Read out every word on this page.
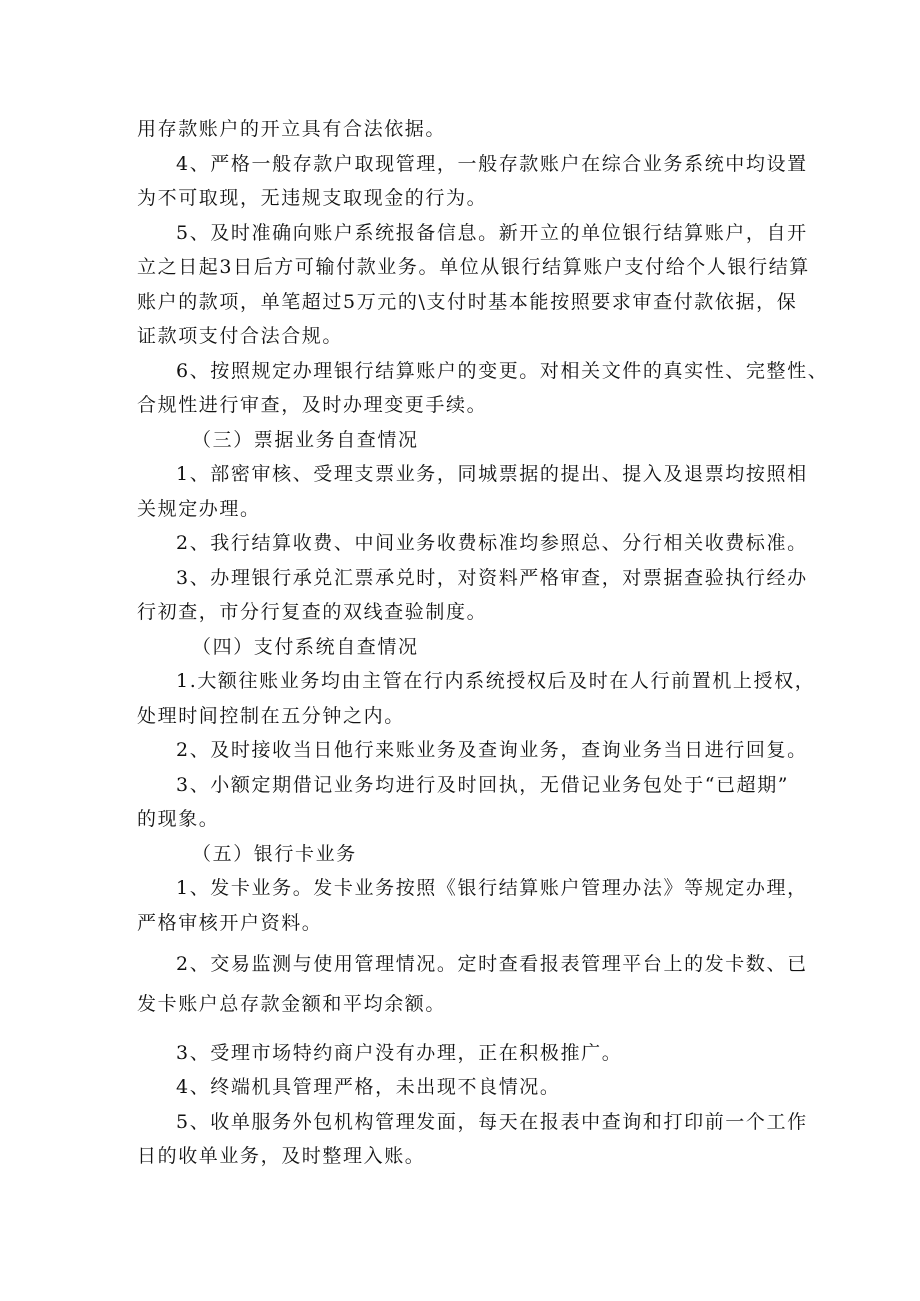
用存款账户的开立具有合法依据。
4、严格一般存款户取现管理，一般存款账户在综合业务系统中均设置
为不可取现，无违规支取现金的行为。
5、及时准确向账户系统报备信息。新开立的单位银行结算账户，自开
立之日起3日后方可输付款业务。单位从银行结算账户支付给个人银行结算
账户的款项，单笔超过5万元的\支付时基本能按照要求审查付款依据，保
证款项支付合法合规。
6、按照规定办理银行结算账户的变更。对相关文件的真实性、完整性、
合规性进行审查，及时办理变更手续。
（三）票据业务自查情况
1、部密审核、受理支票业务，同城票据的提出、提入及退票均按照相
关规定办理。
2、我行结算收费、中间业务收费标准均参照总、分行相关收费标准。
3、办理银行承兑汇票承兑时，对资料严格审查，对票据查验执行经办
行初查，市分行复查的双线查验制度。
（四）支付系统自查情况
1.大额往账业务均由主管在行内系统授权后及时在人行前置机上授权，
处理时间控制在五分钟之内。
2、及时接收当日他行来账业务及查询业务，查询业务当日进行回复。
3、小额定期借记业务均进行及时回执，无借记业务包处于“已超期”
的现象。
（五）银行卡业务
1、发卡业务。发卡业务按照《银行结算账户管理办法》等规定办理，
严格审核开户资料。
2、交易监测与使用管理情况。定时查看报表管理平台上的发卡数、已
发卡账户总存款金额和平均余额。
3、受理市场特约商户没有办理，正在积极推广。
4、终端机具管理严格，未出现不良情况。
5、收单服务外包机构管理发面，每天在报表中查询和打印前一个工作
日的收单业务，及时整理入账。
